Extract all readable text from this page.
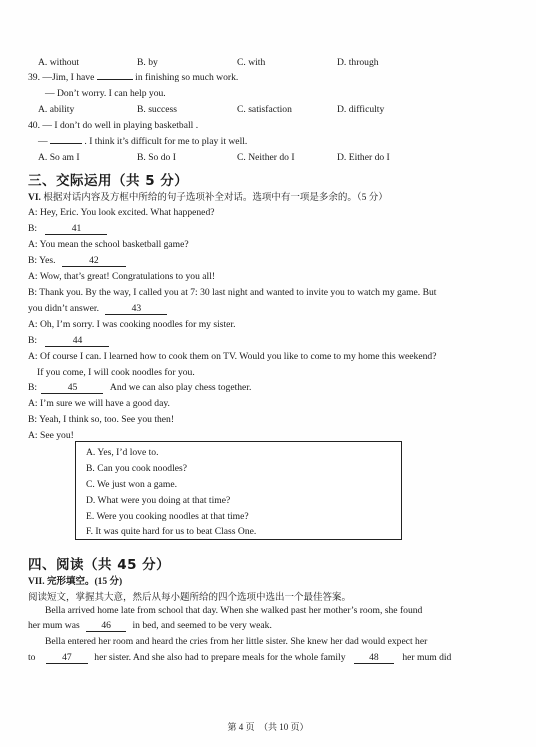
A. without	B. by	C. with	D. through
39. —Jim, I have	in finishing so much work.
— Don’t worry. I can help you.
A. ability	B. success	C. satisfaction	D. difficulty
40. — I don’t do well in playing basketball .
—	. I think it’s difficult for me to play it well.
A. So am I	B. So do I	C. Neither do I	D. Either do I
三、交际运用（共 5 分）
VI. 根据对话内容及方框中所给的句子选项补全对话。选项中有一项是多余的。（5 分）
A: Hey, Eric. You look excited. What happened?
B:	41
A: You mean the school basketball game?
B: Yes.	42
A: Wow, that’s great! Congratulations to you all!
B: Thank you. By the way, I called you at 7: 30 last night and wanted to invite you to watch my game. But
you didn’t answer.	43
A: Oh, I’m sorry. I was cooking noodles for my sister.
B:	44
A: Of course I can. I learned how to cook them on TV. Would you like to come to my home this weekend?
If you come, I will cook noodles for you.
B:	45	And we can also play chess together.
A: I’m sure we will have a good day.
B: Yeah, I think so, too. See you then!
A: See you!
A. Yes, I’d love to.
B. Can you cook noodles?
C. We just won a game.
D. What were you doing at that time?
E. Were you cooking noodles at that time?
F. It was quite hard for us to beat Class One.
四、阅读（共 45 分）
VII. 完形填空。(15 分)
阅读短文，掌握其大意，然后从每小题所给的四个选项中选出一个最佳答案。
Bella arrived home late from school that day. When she walked past her mother’s room, she found
her mum was 46 in bed, and seemed to be very weak.
Bella entered her room and heard the cries from her little sister. She knew her dad would expect her
to	47 her sister. And she also had to prepare meals for the whole family 48 her mum did
第 4 页　（共 10 页）
